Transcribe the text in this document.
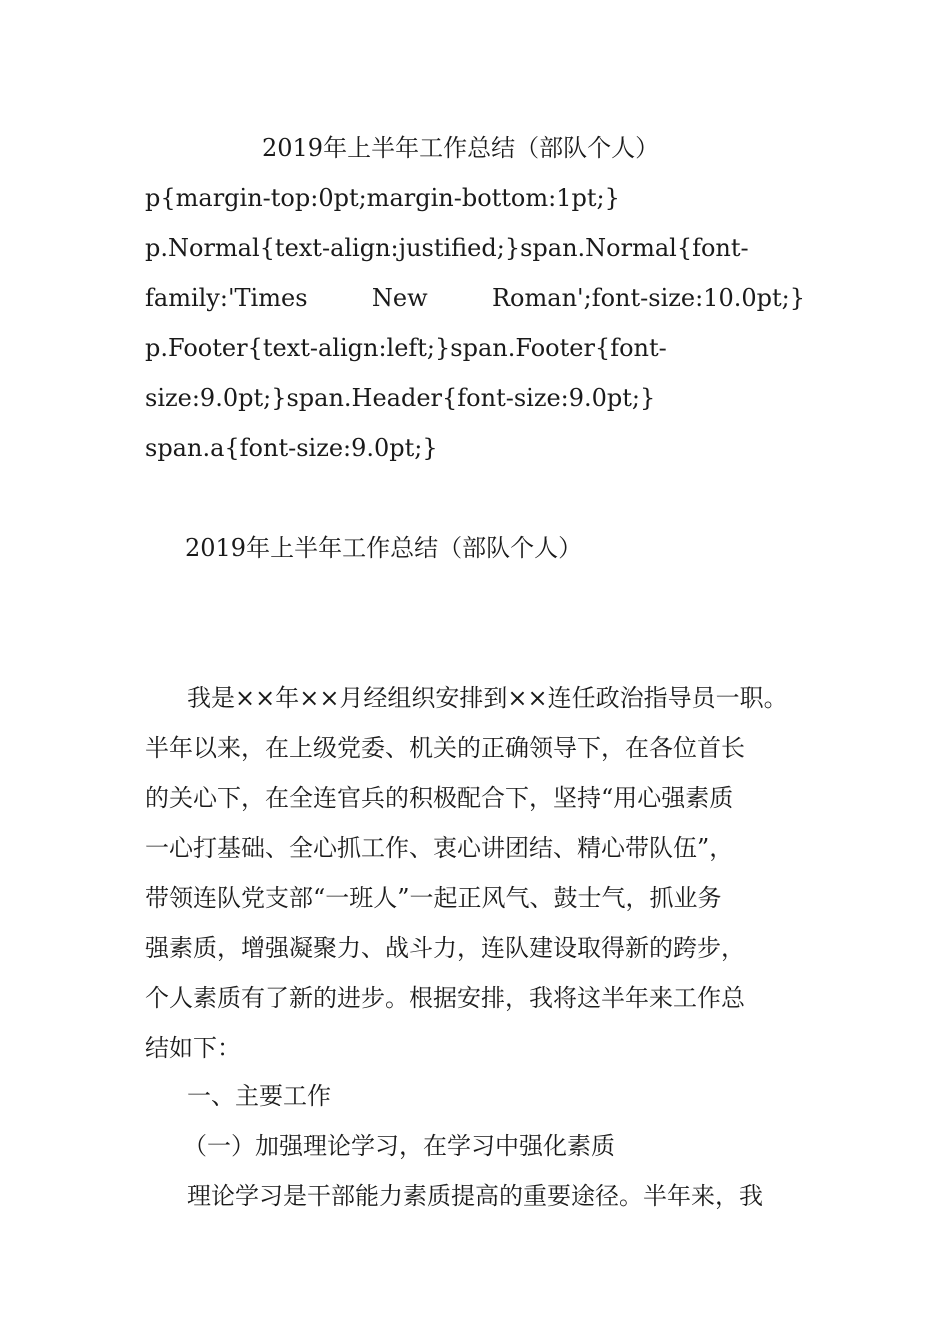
2019年上半年工作总结（部队个人）
p{margin-top:0pt;margin-bottom:1pt;}
p.Normal{text-align:justified;}span.Normal{font-
family:'Times	New	Roman';font-size:10.0pt;}
p.Footer{text-align:left;}span.Footer{font-
size:9.0pt;}span.Header{font-size:9.0pt;}
span.a{font-size:9.0pt;}
2019年上半年工作总结（部队个人）
我是××年××月经组织安排到××连任政治指导员一职。
半年以来，在上级党委、机关的正确领导下，在各位首长
的关心下，在全连官兵的积极配合下，坚持“用心强素质
一心打基础、全心抓工作、衷心讲团结、精心带队伍”，
带领连队党支部“一班人”一起正风气、鼓士气，抓业务
强素质，增强凝聚力、战斗力，连队建设取得新的跨步，
个人素质有了新的进步。根据安排，我将这半年来工作总
结如下：
一、主要工作
（一）加强理论学习，在学习中强化素质
理论学习是干部能力素质提高的重要途径。半年来，我
